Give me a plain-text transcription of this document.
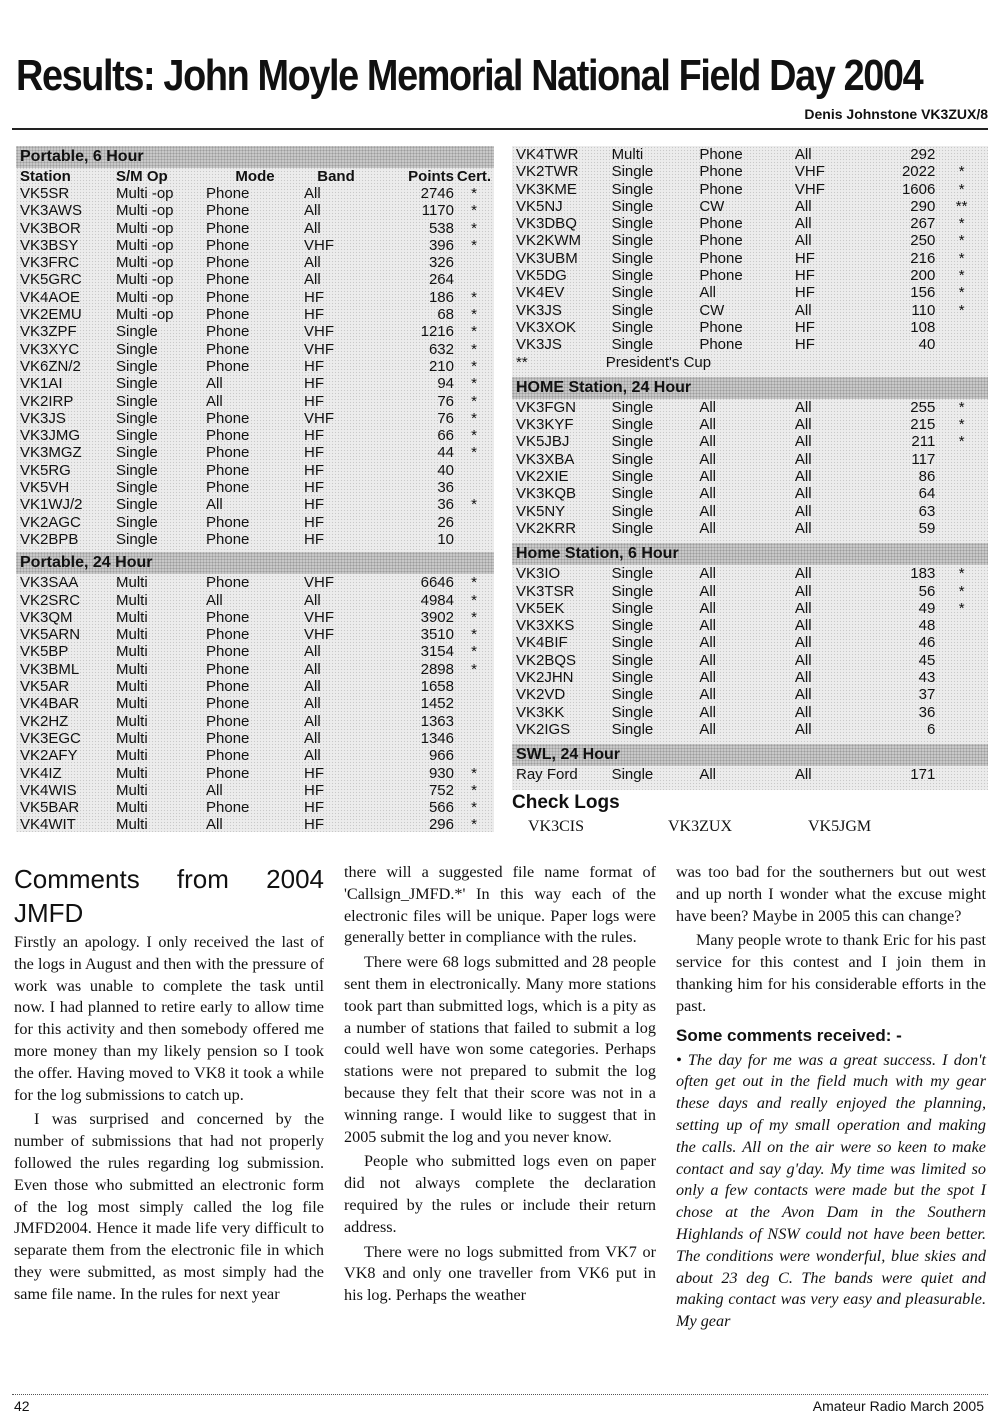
Results: John Moyle Memorial National Field Day 2004
Denis Johnstone VK3ZUX/8
Portable, 6 Hour
Station	S/M Op	Mode	Band	Points Cert.
VK5SR	Multi -op	Phone	All	2746	*
VK3AWS	Multi -op	Phone	All	1170	*
VK3BOR	Multi -op	Phone	All	538	*
VK3BSY	Multi -op	Phone	VHF	396	*
VK3FRC	Multi -op	Phone	All	326
VK5GRC	Multi -op	Phone	All	264
VK4AOE	Multi -op	Phone	HF	186	*
VK2EMU	Multi -op	Phone	HF	68	*
VK3ZPF	Single	Phone	VHF	1216	*
VK3XYC	Single	Phone	VHF	632	*
VK6ZN/2	Single	Phone	HF	210	*
VK1AI	Single	All	HF	94	*
VK2IRP	Single	All	HF	76	*
VK3JS	Single	Phone	VHF	76	*
VK3JMG	Single	Phone	HF	66	*
VK3MGZ	Single	Phone	HF	44	*
VK5RG	Single	Phone	HF	40
VK5VH	Single	Phone	HF	36
VK1WJ/2	Single	All	HF	36	*
VK2AGC	Single	Phone	HF	26
VK2BPB	Single	Phone	HF	10
Portable, 24 Hour
VK3SAA	Multi	Phone	VHF	6646	*
VK2SRC	Multi	All	All	4984	*
VK3QM	Multi	Phone	VHF	3902	*
VK5ARN	Multi	Phone	VHF	3510	*
VK5BP	Multi	Phone	All	3154	*
VK3BML	Multi	Phone	All	2898	*
VK5AR	Multi	Phone	All	1658
VK4BAR	Multi	Phone	All	1452
VK2HZ	Multi	Phone	All	1363
VK3EGC	Multi	Phone	All	1346
VK2AFY	Multi	Phone	All	966
VK4IZ	Multi	Phone	HF	930	*
VK4WIS	Multi	All	HF	752	*
VK5BAR	Multi	Phone	HF	566	*
VK4WIT	Multi	All	HF	296	*
VK4TWR	Multi	Phone	All	292
VK2TWR	Single	Phone	VHF	2022	*
VK3KME	Single	Phone	VHF	1606	*
VK5NJ	Single	CW	All	290	**
VK3DBQ	Single	Phone	All	267	*
VK2KWM	Single	Phone	All	250	*
VK3UBM	Single	Phone	HF	216	*
VK5DG	Single	Phone	HF	200	*
VK4EV	Single	All	HF	156	*
VK3JS	Single	CW	All	110	*
VK3XOK	Single	Phone	HF	108
VK3JS	Single	Phone	HF	40
**	President's Cup
HOME Station, 24 Hour
VK3FGN	Single	All	All	255	*
VK3KYF	Single	All	All	215	*
VK5JBJ	Single	All	All	211	*
VK3XBA	Single	All	All	117
VK2XIE	Single	All	All	86
VK3KQB	Single	All	All	64
VK5NY	Single	All	All	63
VK2KRR	Single	All	All	59
Home Station, 6 Hour
VK3IO	Single	All	All	183	*
VK3TSR	Single	All	All	56	*
VK5EK	Single	All	All	49	*
VK3XKS	Single	All	All	48
VK4BIF	Single	All	All	46
VK2BQS	Single	All	All	45
VK2JHN	Single	All	All	43
VK2VD	Single	All	All	37
VK3KK	Single	All	All	36
VK2IGS	Single	All	All	6
SWL, 24 Hour
Ray Ford	Single	All	All	171
Check Logs
VK3CIS	VK3ZUX	VK5JGM
Comments from 2004 JMFD

Firstly an apology. I only received the last of the logs in August and then with the pressure of work was unable to complete the task until now. I had planned to retire early to allow time for this activity and then somebody offered me more money than my likely pension so I took the offer. Having moved to VK8 it took a while for the log submissions to catch up.

I was surprised and concerned by the number of submissions that had not properly followed the rules regarding log submission. Even those who submitted an electronic form of the log most simply called the log file JMFD2004. Hence it made life very difficult to separate them from the electronic file in which they were submitted, as most simply had the same file name. In the rules for next year

there will a suggested file name format of 'Callsign_JMFD.*' In this way each of the electronic files will be unique. Paper logs were generally better in compliance with the rules.

There were 68 logs submitted and 28 people sent them in electronically. Many more stations took part than submitted logs, which is a pity as a number of stations that failed to submit a log could well have won some categories. Perhaps stations were not prepared to submit the log because they felt that their score was not in a winning range. I would like to suggest that in 2005 submit the log and you never know.

People who submitted logs even on paper did not always complete the declaration required by the rules or include their return address.

There were no logs submitted from VK7 or VK8 and only one traveller from VK6 put in his log. Perhaps the weather

was too bad for the southerners but out west and up north I wonder what the excuse might have been? Maybe in 2005 this can change?

Many people wrote to thank Eric for his past service for this contest and I join them in thanking him for his considerable efforts in the past.

Some comments received: -

• The day for me was a great success. I don't often get out in the field much with my gear these days and really enjoyed the planning, setting up of my small operation and making the calls. All on the air were so keen to make contact and say g'day. My time was limited so only a few contacts were made but the spot I chose at the Avon Dam in the Southern Highlands of NSW could not have been better. The conditions were wonderful, blue skies and about 23 deg C. The bands were quiet and making contact was very easy and pleasurable. My gear

42	Amateur Radio March 2005
